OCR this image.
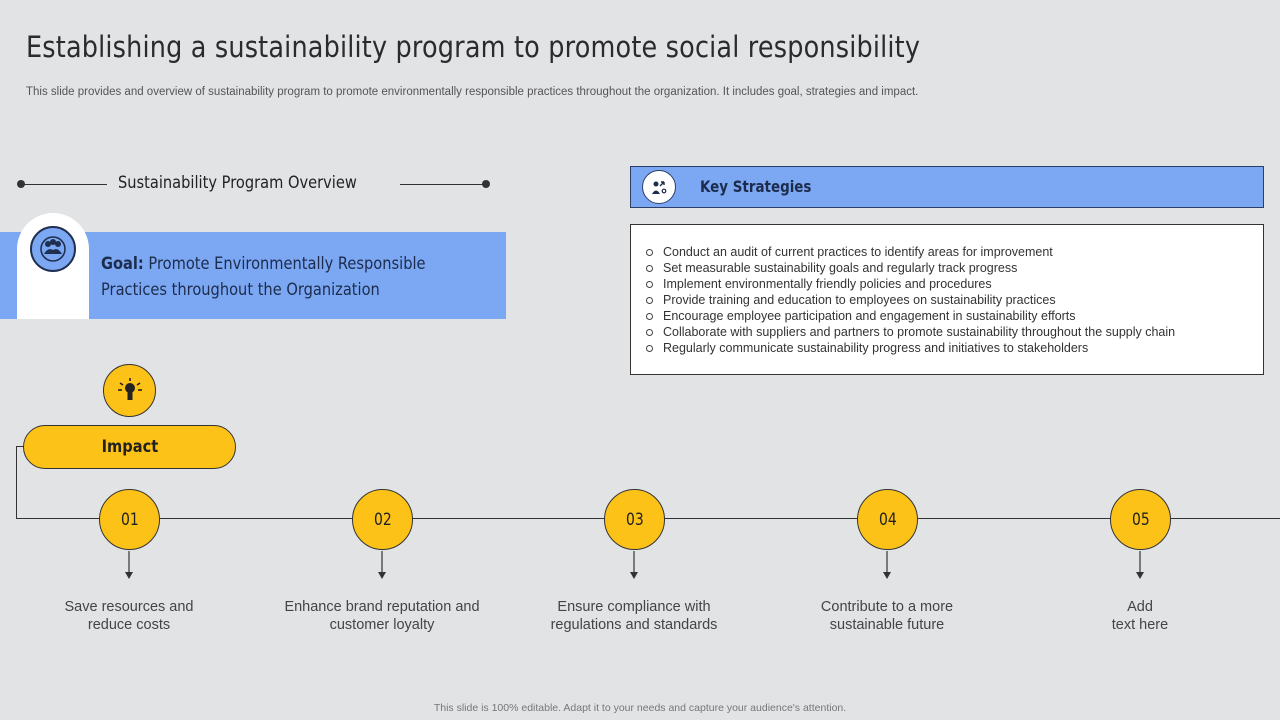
Establishing a sustainability program to promote social responsibility
This slide provides and overview of sustainability program to promote environmentally responsible practices throughout the organization. It includes goal, strategies and impact.
Sustainability Program Overview
Goal: Promote Environmentally Responsible Practices throughout the Organization
Key Strategies
Conduct an audit of current practices to identify areas for improvement
Set measurable sustainability goals and regularly track progress
Implement environmentally friendly policies and procedures
Provide training and education to employees on sustainability practices
Encourage employee participation and engagement in sustainability efforts
Collaborate with suppliers and partners to promote sustainability throughout the supply chain
Regularly communicate sustainability progress and initiatives to stakeholders
Impact
01	02	03	04	05
Save resources and
reduce costs
Enhance brand reputation and
customer loyalty
Ensure compliance with
regulations and standards
Contribute to a more
sustainable future
Add
text here
This slide is 100% editable. Adapt it to your needs and capture your audience's attention.
